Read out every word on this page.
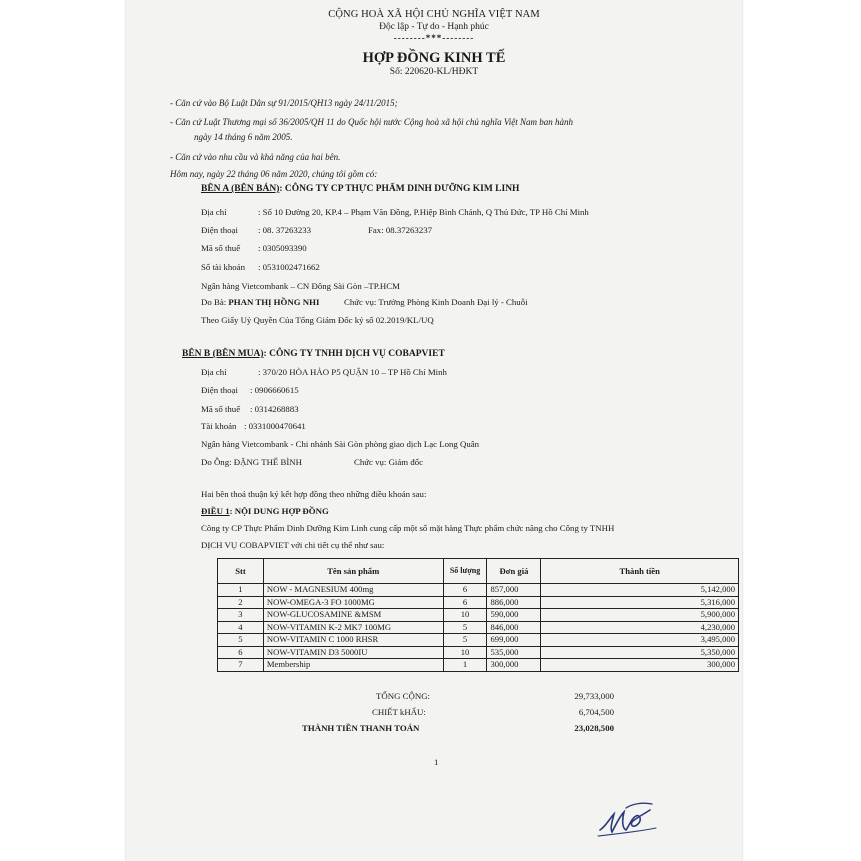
CỘNG HOÀ XÃ HỘI CHỦ NGHĨA VIỆT NAM
Độc lập - Tự do - Hạnh phúc
--------***--------
HỢP ĐỒNG KINH TẾ
Số: 220620-KL/HĐKT
- Căn cứ vào Bộ Luật Dân sự 91/2015/QH13 ngày 24/11/2015;
- Căn cứ Luật Thương mại số 36/2005/QH 11 do Quốc hội nước Cộng hoà xã hội chủ nghĩa Việt Nam ban hành
ngày 14 tháng 6 năm 2005.
- Căn cứ vào nhu cầu và khả năng của hai bên.
Hôm nay, ngày 22 tháng 06 năm 2020, chúng tôi gồm có:
BÊN A (BÊN BÁN): CÔNG TY CP THỰC PHẨM DINH DƯỠNG KIM LINH
Địa chỉ	: Số 10 Đường 20, KP.4 – Phạm Văn Đồng, P.Hiệp Bình Chánh, Q Thủ Đức, TP Hồ Chí Minh
Điện thoại : 08. 37263233	Fax: 08.37263237
Mã số thuế : 0305093390
Số tài khoản : 0531002471662
Ngân hàng Vietcombank – CN Đông Sài Gòn –TP.HCM
Do Bà: PHAN THỊ HỒNG NHI	Chức vụ: Trưởng Phòng Kinh Doanh Đại lý - Chuỗi
Theo Giấy Uỷ Quyền Của Tổng Giám Đốc ký số 02.2019/KL/UQ
BÊN B (BÊN MUA): CÔNG TY TNHH DỊCH VỤ COBAPVIET
Địa chỉ	: 370/20 HÒA HẢO P5 QUẬN 10 – TP Hồ Chí Minh
Điện thoại : 0906660615
Mã số thuế : 0314268883
Tài khoản : 0331000470641
Ngân hàng Vietcombank - Chi nhánh Sài Gòn phòng giao dịch Lạc Long Quân
Do Ông: ĐẶNG THẾ BÌNH	Chức vụ: Giám đốc
Hai bên thoả thuận ký kết hợp đồng theo những điều khoản sau:
ĐIỀU 1: NỘI DUNG HỢP ĐỒNG
Công ty CP Thực Phẩm Dinh Dưỡng Kim Linh cung cấp một số mặt hàng Thực phẩm chức năng cho Công ty TNHH
DỊCH VỤ COBAPVIET với chi tiết cụ thể như sau:
Stt	Tên sản phẩm	Số lượng	Đơn giá	Thành tiền
1	NOW - MAGNESIUM 400mg	6	857,000	5,142,000
2	NOW-OMEGA-3 FO 1000MG	6	886,000	5,316,000
3	NOW-GLUCOSAMINE &MSM	10	590,000	5,900,000
4	NOW-VITAMIN K-2 MK7 100MG	5	846,000	4,230,000
5	NOW-VITAMIN C 1000 RHSR	5	699,000	3,495,000
6	NOW-VITAMIN D3 5000IU	10	535,000	5,350,000
7	Membership	1	300,000	300,000
TỔNG CỘNG:	29,733,000
CHIẾT kHẤU:	6,704,500
THÀNH TIỀN THANH TOÁN	23,028,500
1
